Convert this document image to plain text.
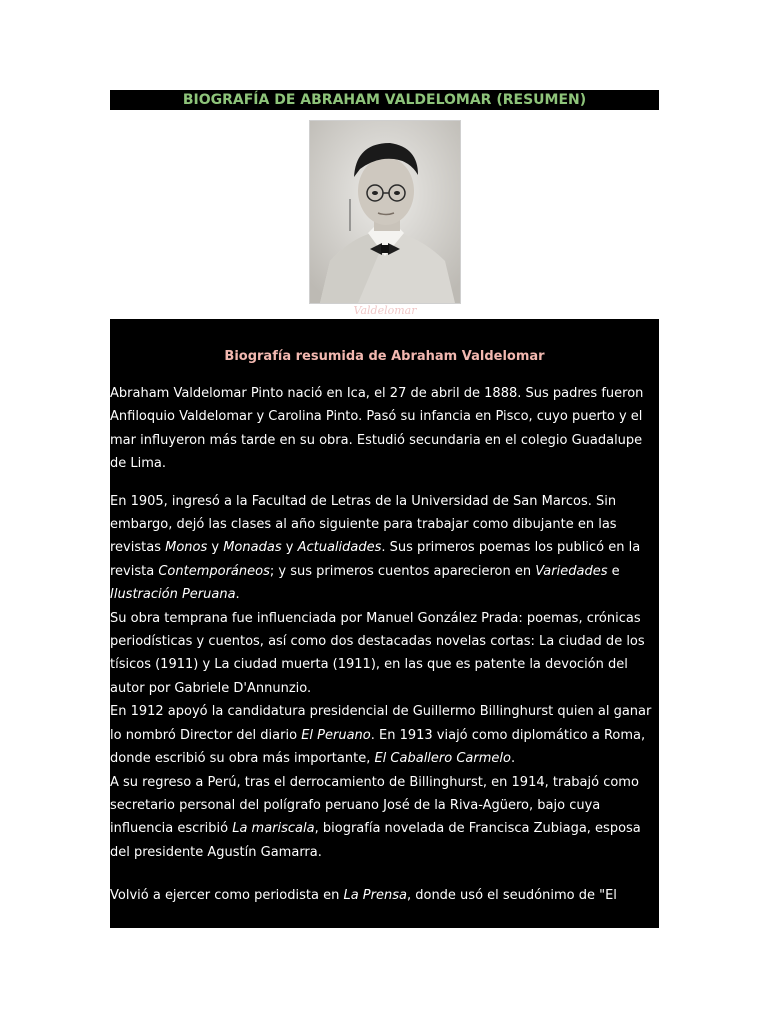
BIOGRAFÍA DE ABRAHAM VALDELOMAR (RESUMEN)
Valdelomar
Biografía resumida de Abraham Valdelomar

Abraham Valdelomar Pinto nació en Ica, el 27 de abril de 1888. Sus padres fueron Anfiloquio Valdelomar y Carolina Pinto. Pasó su infancia en Pisco, cuyo puerto y el mar influyeron más tarde en su obra. Estudió secundaria en el colegio Guadalupe de Lima.

En 1905, ingresó a la Facultad de Letras de la Universidad de San Marcos. Sin embargo, dejó las clases al año siguiente para trabajar como dibujante en las revistas Monos y Monadas y Actualidades. Sus primeros poemas los publicó en la revista Contemporáneos; y sus primeros cuentos aparecieron en Variedades e Ilustración Peruana.

Su obra temprana fue influenciada por Manuel González Prada: poemas, crónicas periodísticas y cuentos, así como dos destacadas novelas cortas: La ciudad de los tísicos (1911) y La ciudad muerta (1911), en las que es patente la devoción del autor por Gabriele D'Annunzio.

En 1912 apoyó la candidatura presidencial de Guillermo Billinghurst quien al ganar lo nombró Director del diario El Peruano. En 1913 viajó como diplomático a Roma, donde escribió su obra más importante, El Caballero Carmelo.

A su regreso a Perú, tras el derrocamiento de Billinghurst, en 1914, trabajó como secretario personal del polígrafo peruano José de la Riva-Agüero, bajo cuya influencia escribió La mariscala, biografía novelada de Francisca Zubiaga, esposa del presidente Agustín Gamarra.

Volvió a ejercer como periodista en La Prensa, donde usó el seudónimo de "El
